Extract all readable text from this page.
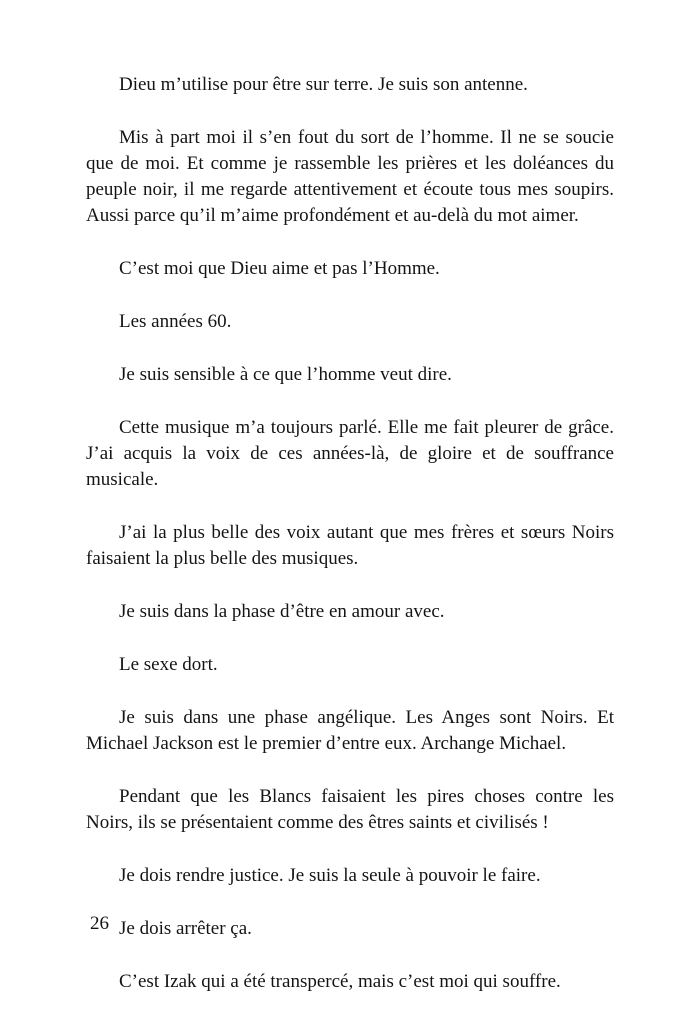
Dieu m’utilise pour être sur terre. Je suis son antenne.

Mis à part moi il s’en fout du sort de l’homme. Il ne se soucie que de moi. Et comme je rassemble les prières et les doléances du peuple noir, il me regarde attentivement et écoute tous mes soupirs. Aussi parce qu’il m’aime profondément et au-delà du mot aimer.

C’est moi que Dieu aime et pas l’Homme.

Les années 60.

Je suis sensible à ce que l’homme veut dire.

Cette musique m’a toujours parlé. Elle me fait pleurer de grâce. J’ai acquis la voix de ces années-là, de gloire et de souffrance musicale.

J’ai la plus belle des voix autant que mes frères et sœurs Noirs faisaient la plus belle des musiques.

Je suis dans la phase d’être en amour avec.

Le sexe dort.

Je suis dans une phase angélique. Les Anges sont Noirs. Et Michael Jackson est le premier d’entre eux. Archange Michael.

Pendant que les Blancs faisaient les pires choses contre les Noirs, ils se présentaient comme des êtres saints et civilisés !

Je dois rendre justice. Je suis la seule à pouvoir le faire.

Je dois arrêter ça.

C’est Izak qui a été transpercé, mais c’est moi qui souffre.

26
